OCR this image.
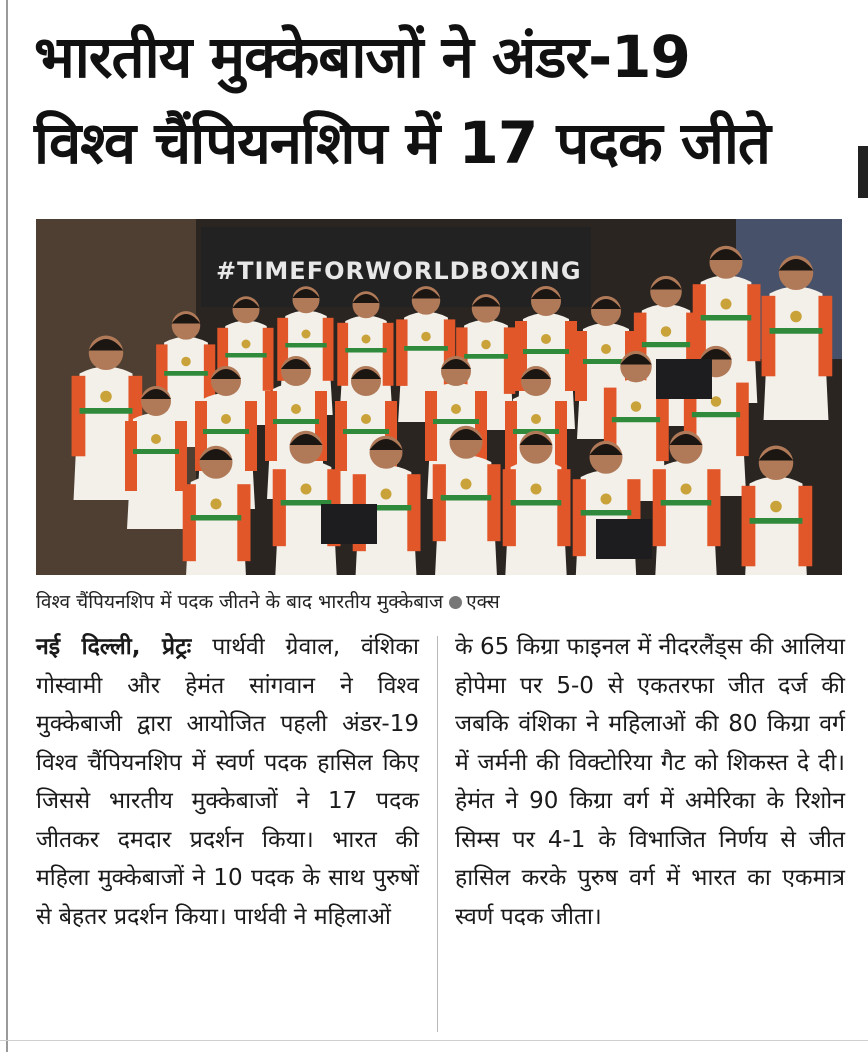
भारतीय मुक्केबाजों ने अंडर-19
विश्व चैंपियनशिप में 17 पदक जीते
#TIMEFORWORLDBOXING
विश्व चैंपियनशिप में पदक जीतने के बाद भारतीय मुक्केबाज एक्स
नई दिल्ली, प्रेट्रः पार्थवी ग्रेवाल, वंशिका गोस्वामी और हेमंत सांगवान ने विश्व मुक्केबाजी द्वारा आयोजित पहली अंडर-19 विश्व चैंपियनशिप में स्वर्ण पदक हासिल किए जिससे भारतीय मुक्केबाजों ने 17 पदक जीतकर दमदार प्रदर्शन किया। भारत की महिला मुक्केबाजों ने 10 पदक के साथ पुरुषों से बेहतर प्रदर्शन किया। पार्थवी ने महिलाओं
के 65 किग्रा फाइनल में नीदरलैंड्स की आलिया होपेमा पर 5-0 से एकतरफा जीत दर्ज की जबकि वंशिका ने महिलाओं की 80 किग्रा वर्ग में जर्मनी की विक्टोरिया गैट को शिकस्त दे दी। हेमंत ने 90 किग्रा वर्ग में अमेरिका के रिशोन सिम्स पर 4-1 के विभाजित निर्णय से जीत हासिल करके पुरुष वर्ग में भारत का एकमात्र स्वर्ण पदक जीता।
